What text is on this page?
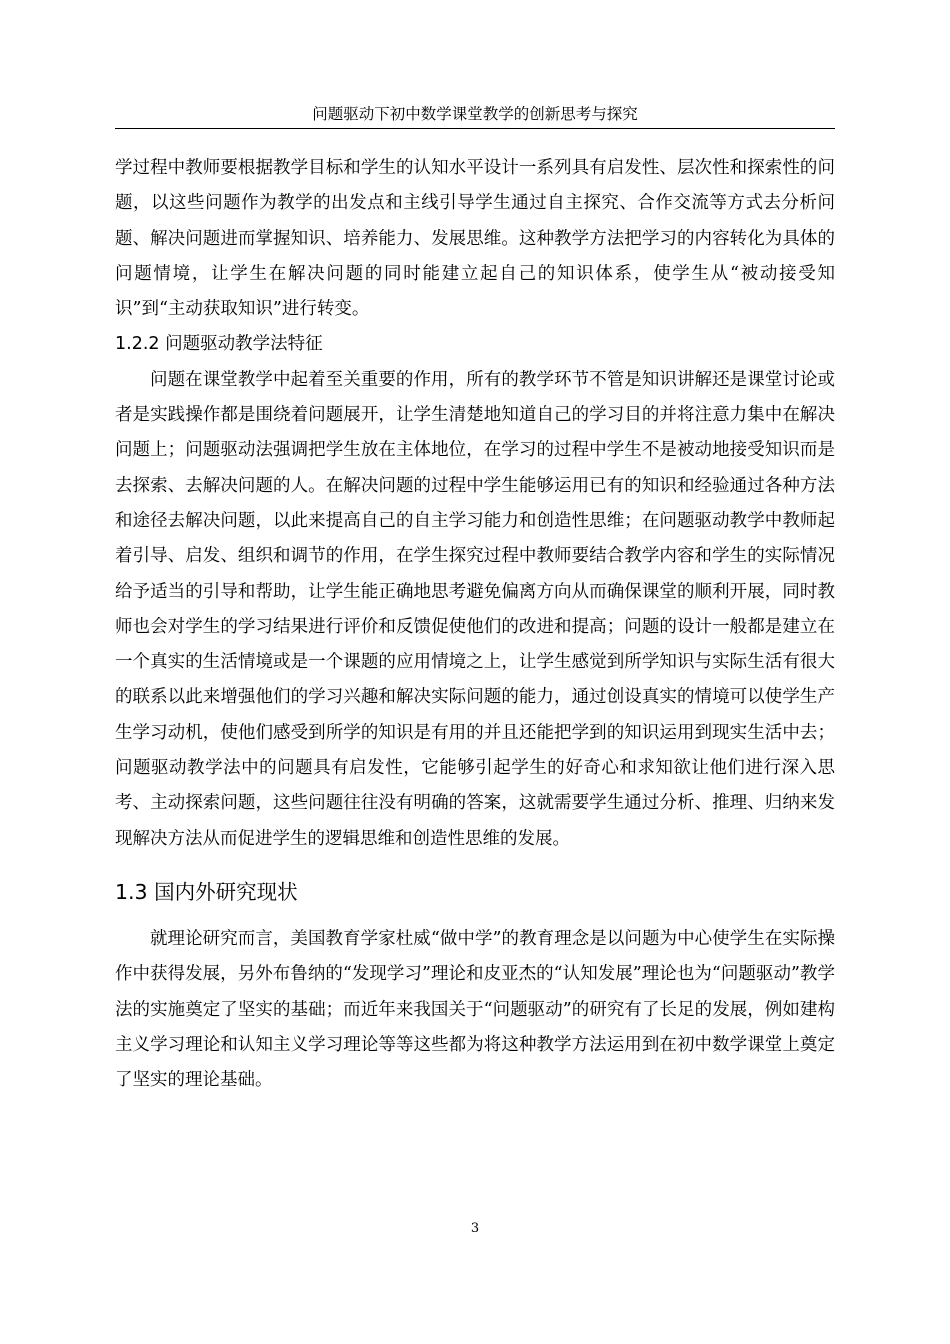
问题驱动下初中数学课堂教学的创新思考与探究

学过程中教师要根据教学目标和学生的认知水平设计一系列具有启发性、层次性和探索性的问题，以这些问题作为教学的出发点和主线引导学生通过自主探究、合作交流等方式去分析问题、解决问题进而掌握知识、培养能力、发展思维。这种教学方法把学习的内容转化为具体的问题情境，让学生在解决问题的同时能建立起自己的知识体系，使学生从“被动接受知识”到“主动获取知识”进行转变。

1.2.2 问题驱动教学法特征

问题在课堂教学中起着至关重要的作用，所有的教学环节不管是知识讲解还是课堂讨论或者是实践操作都是围绕着问题展开，让学生清楚地知道自己的学习目的并将注意力集中在解决问题上；问题驱动法强调把学生放在主体地位，在学习的过程中学生不是被动地接受知识而是去探索、去解决问题的人。在解决问题的过程中学生能够运用已有的知识和经验通过各种方法和途径去解决问题，以此来提高自己的自主学习能力和创造性思维；在问题驱动教学中教师起着引导、启发、组织和调节的作用，在学生探究过程中教师要结合教学内容和学生的实际情况给予适当的引导和帮助，让学生能正确地思考避免偏离方向从而确保课堂的顺利开展，同时教师也会对学生的学习结果进行评价和反馈促使他们的改进和提高；问题的设计一般都是建立在一个真实的生活情境或是一个课题的应用情境之上，让学生感觉到所学知识与实际生活有很大的联系以此来增强他们的学习兴趣和解决实际问题的能力，通过创设真实的情境可以使学生产生学习动机，使他们感受到所学的知识是有用的并且还能把学到的知识运用到现实生活中去；问题驱动教学法中的问题具有启发性，它能够引起学生的好奇心和求知欲让他们进行深入思考、主动探索问题，这些问题往往没有明确的答案，这就需要学生通过分析、推理、归纳来发现解决方法从而促进学生的逻辑思维和创造性思维的发展。

1.3 国内外研究现状

就理论研究而言，美国教育学家杜威“做中学”的教育理念是以问题为中心使学生在实际操作中获得发展，另外布鲁纳的“发现学习”理论和皮亚杰的“认知发展”理论也为“问题驱动”教学法的实施奠定了坚实的基础；而近年来我国关于“问题驱动”的研究有了长足的发展，例如建构主义学习理论和认知主义学习理论等等这些都为将这种教学方法运用到在初中数学课堂上奠定了坚实的理论基础。

3
